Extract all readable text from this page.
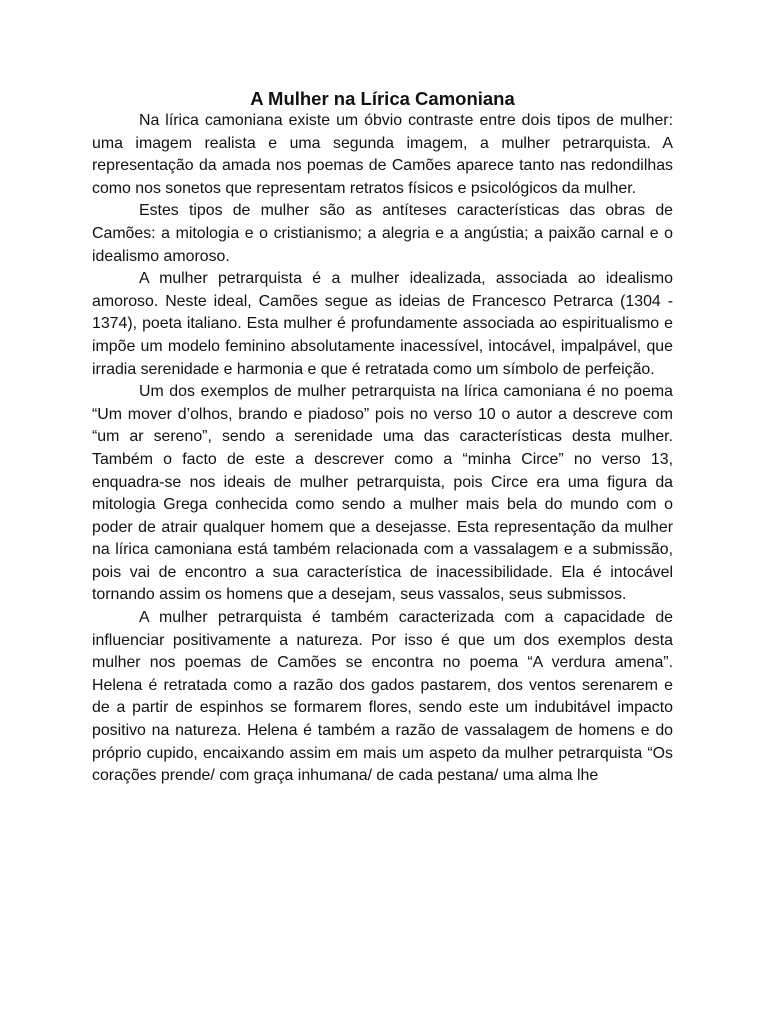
A Mulher na Lírica Camoniana

Na lírica camoniana existe um óbvio contraste entre dois tipos de mulher: uma imagem realista e uma segunda imagem, a mulher petrarquista. A representação da amada nos poemas de Camões aparece tanto nas redondilhas como nos sonetos que representam retratos físicos e psicológicos da mulher.

Estes tipos de mulher são as antíteses características das obras de Camões: a mitologia e o cristianismo; a alegria e a angústia; a paixão carnal e o idealismo amoroso.

A mulher petrarquista é a mulher idealizada, associada ao idealismo amoroso. Neste ideal, Camões segue as ideias de Francesco Petrarca (1304 - 1374), poeta italiano. Esta mulher é profundamente associada ao espiritualismo e impõe um modelo feminino absolutamente inacessível, intocável, impalpável, que irradia serenidade e harmonia e que é retratada como um símbolo de perfeição.

Um dos exemplos de mulher petrarquista na lírica camoniana é no poema “Um mover d’olhos, brando e piadoso” pois no verso 10 o autor a descreve com “um ar sereno”, sendo a serenidade uma das características desta mulher. Também o facto de este a descrever como a “minha Circe” no verso 13, enquadra-se nos ideais de mulher petrarquista, pois Circe era uma figura da mitologia Grega conhecida como sendo a mulher mais bela do mundo com o poder de atrair qualquer homem que a desejasse. Esta representação da mulher na lírica camoniana está também relacionada com a vassalagem e a submissão, pois vai de encontro a sua característica de inacessibilidade. Ela é intocável tornando assim os homens que a desejam, seus vassalos, seus submissos.

A mulher petrarquista é também caracterizada com a capacidade de influenciar positivamente a natureza. Por isso é que um dos exemplos desta mulher nos poemas de Camões se encontra no poema “A verdura amena”. Helena é retratada como a razão dos gados pastarem, dos ventos serenarem e de a partir de espinhos se formarem flores, sendo este um indubitável impacto positivo na natureza. Helena é também a razão de vassalagem de homens e do próprio cupido, encaixando assim em mais um aspeto da mulher petrarquista “Os corações prende/ com graça inhumana/ de cada pestana/ uma alma lhe
